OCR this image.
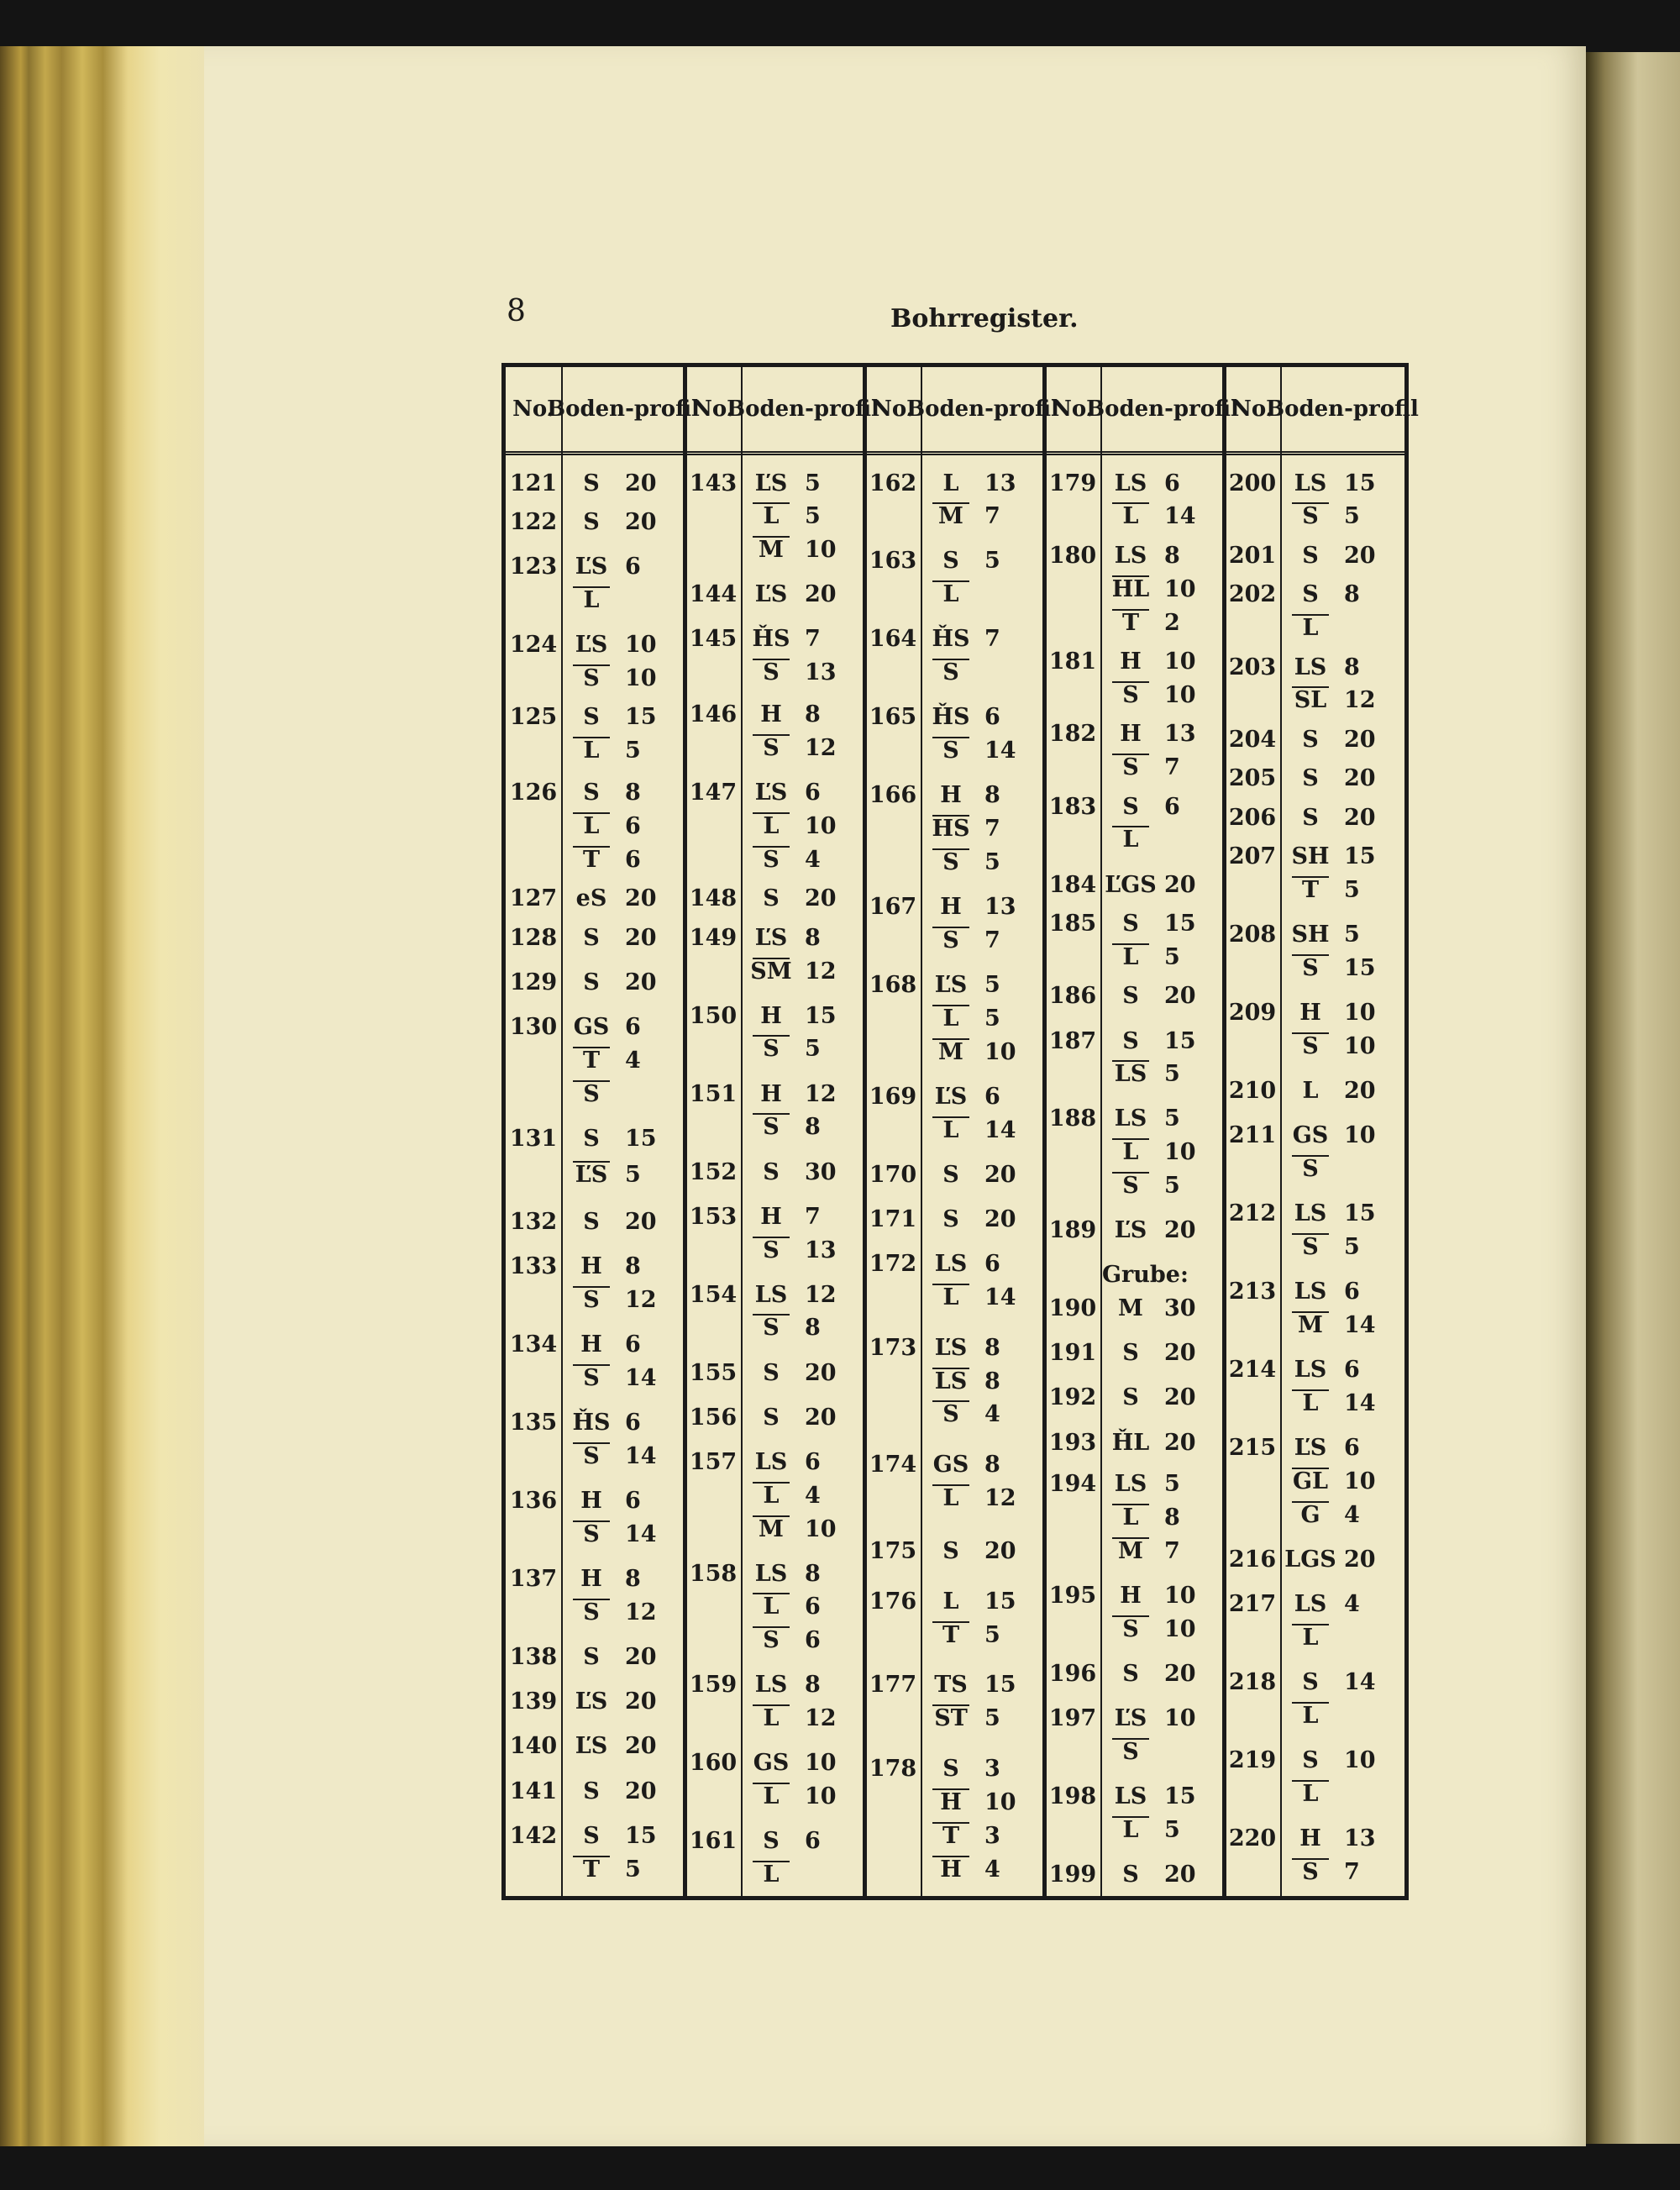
8	Bohrregister.
No.
Boden- profil
121	S	20
122	S	20
123 ĽS 6
L
124 ĽS 10
S	10
125	S	15
L	5
126	S	8
L	6
T	6
127 eS 20
128	S	20
129	S	20
130 GS 6
T	4
S
131	S	15
ĽS 5
132	S	20
133	H	8
S	12
134	H	6
S	14
135 ȞS 6
S	14
136	H	6
S	14
137	H	8
S	12
138	S	20
139 ĽS 20
140 ĽS 20
141	S	20
142	S	15
T	5
No.
Boden- profil
143 ĽS 5
L	5
M 10
144 ĽS 20
145 ȞS 7
S	13
146	H	8
S	12
147 ĽS 6
L	10
S	4
148	S	20
149 ĽS 8
SM 12
150	H	15
S	5
151	H	12
S	8
152	S	30
153	H	7
S	13
154 LS 12
S	8
155	S	20
156	S	20
157 LS 6
L	4
M 10
158 LS 8
L	6
S	6
159 LS 8
L	12
160 GS 10
L	10
161	S	6
L
No.
Boden- profil
162	L	13
M 7
163	S	5
L
164 ȞS 7
S
165 ȞS 6
S	14
166	H	8
HS 7
S	5
167	H	13
S	7
168 ĽS 5
L	5
M 10
169 ĽS 6
L	14
170	S	20
171	S	20
172 LS 6
L	14
173 ĽS 8
LS 8
S	4
174 GS 8
L	12
175	S	20
176	L	15
T	5
177 TS 15
ST 5
178	S	3
H	10
T	3
H	4
No.
Boden- profil
179 LS 6
L	14
180 LS 8
HL 10
T	2
181	H	10
S	10
182	H	13
S	7
183	S	6
L
184 ĽGS 20
185	S	15
L	5
186	S	20
187	S	15
LS 5
188 LS 5
L	10
S	5
189 ĽS 20
Grube:
190 M 30
191	S	20
192	S	20
193 ȞL 20
194 LS 5
L	8
M 7
195	H	10
S	10
196	S	20
197 ĽS 10
S
198 LS 15
L	5
199	S	20
No.
Boden- profil
200 LS 15
S	5
201	S	20
202	S	8
L
203 LS 8
SL 12
204	S	20
205	S	20
206	S	20
207 SH 15
T	5
208 SH 5
S	15
209	H	10
S	10
210	L	20
211 GS 10
S
212 LS 15
S	5
213 LS 6
M 14
214 LS 6
L	14
215 ĽS 6
GL 10
G	4
216 LGS 20
217 LS 4
L
218	S	14
L
219	S	10
L
220	H	13
S	7
